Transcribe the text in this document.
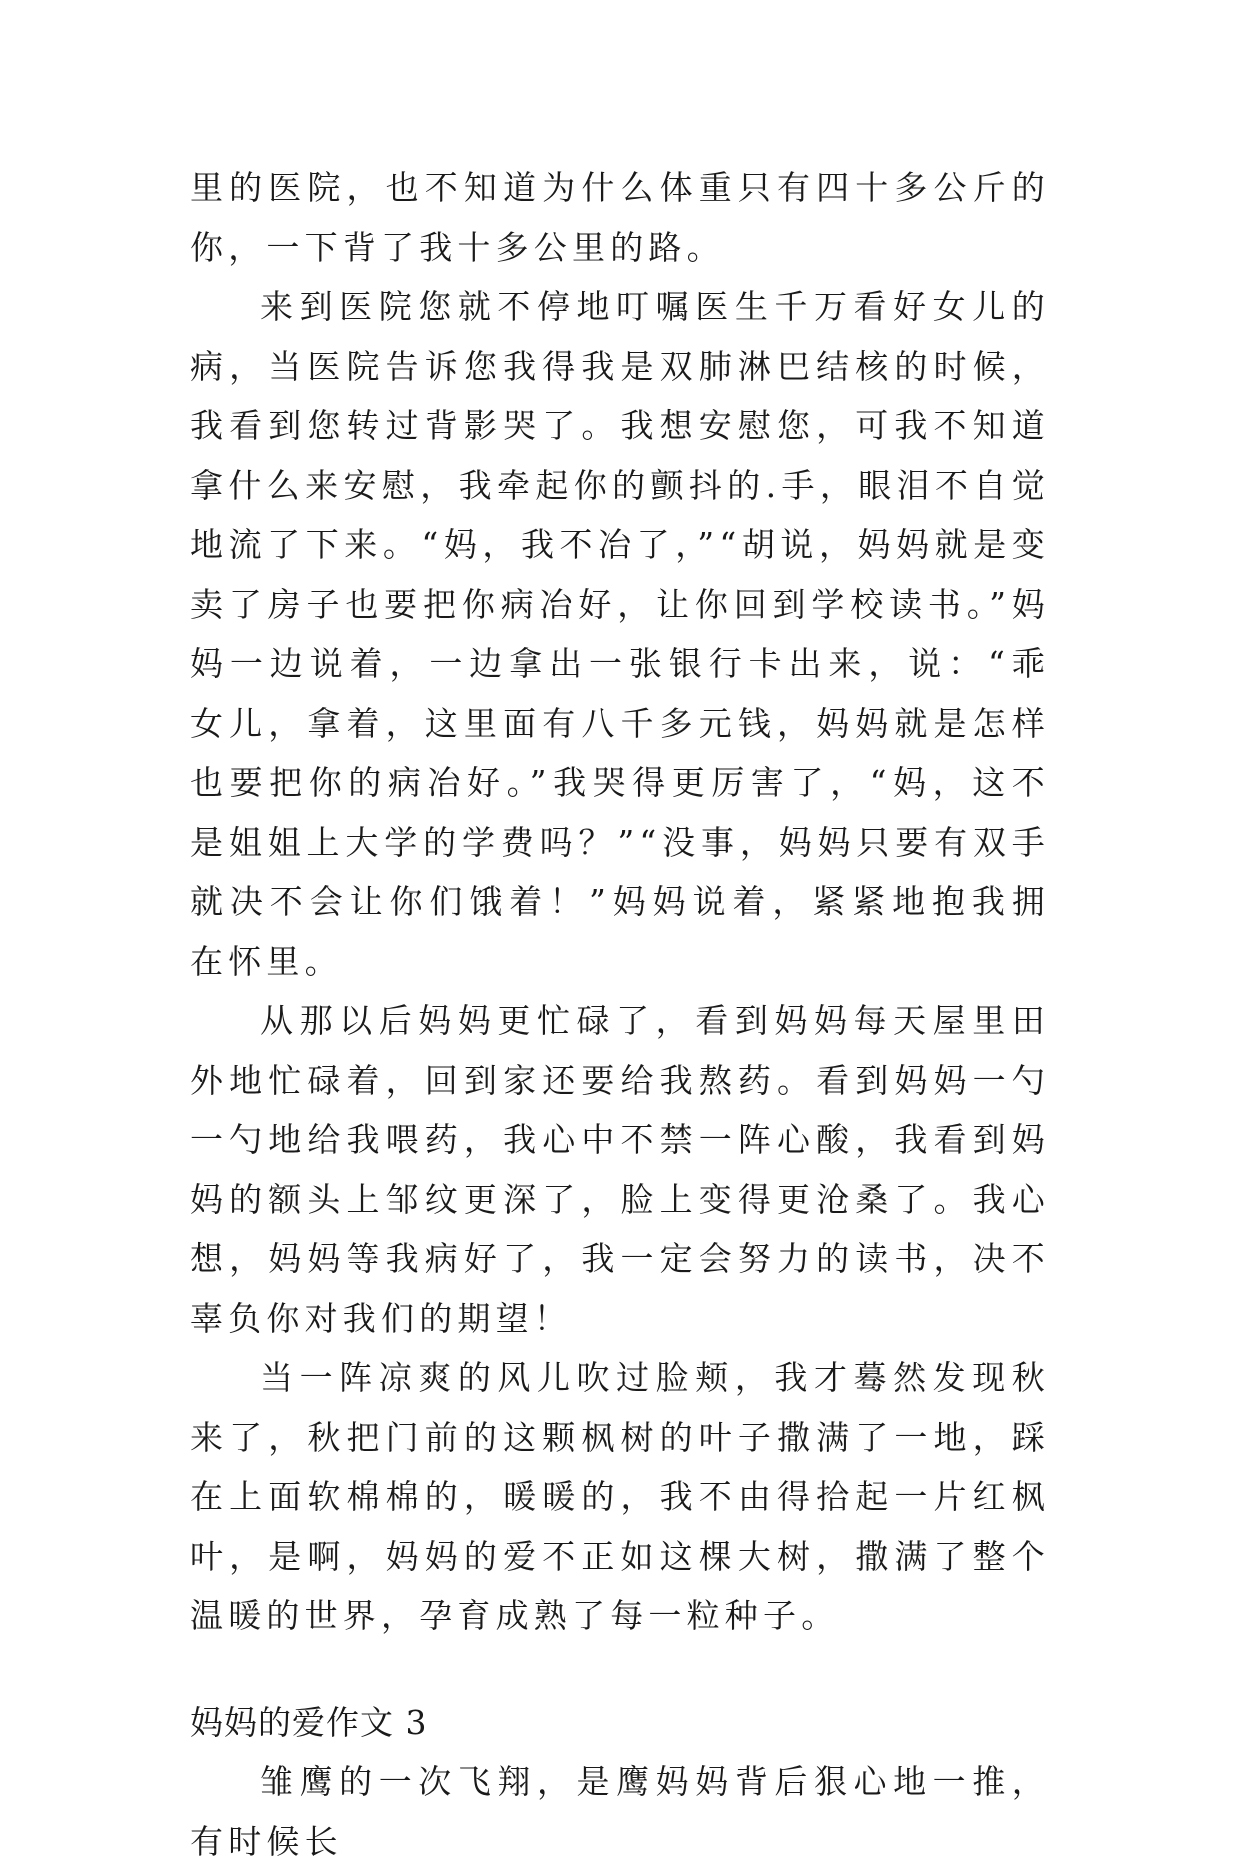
里的医院，也不知道为什么体重只有四十多公斤的你，一下背了我十多公里的路。

来到医院您就不停地叮嘱医生千万看好女儿的病，当医院告诉您我得我是双肺淋巴结核的时候，我看到您转过背影哭了。我想安慰您，可我不知道拿什么来安慰，我牵起你的颤抖的.手，眼泪不自觉地流了下来。“妈，我不冶了，”“胡说，妈妈就是变卖了房子也要把你病冶好，让你回到学校读书。”妈妈一边说着，一边拿出一张银行卡出来，说：“乖女儿，拿着，这里面有八千多元钱，妈妈就是怎样也要把你的病冶好。”我哭得更厉害了，“妈，这不是姐姐上大学的学费吗？”“没事，妈妈只要有双手就决不会让你们饿着！”妈妈说着，紧紧地抱我拥在怀里。

从那以后妈妈更忙碌了，看到妈妈每天屋里田外地忙碌着，回到家还要给我熬药。看到妈妈一勺一勺地给我喂药，我心中不禁一阵心酸，我看到妈妈的额头上邹纹更深了，脸上变得更沧桑了。我心想，妈妈等我病好了，我一定会努力的读书，决不辜负你对我们的期望！

当一阵凉爽的风儿吹过脸颊，我才蓦然发现秋来了，秋把门前的这颗枫树的叶子撒满了一地，踩在上面软棉棉的，暖暖的，我不由得拾起一片红枫叶，是啊，妈妈的爱不正如这棵大树，撒满了整个温暖的世界，孕育成熟了每一粒种子。

妈妈的爱作文 3

雏鹰的一次飞翔，是鹰妈妈背后狠心地一推，有时候长
